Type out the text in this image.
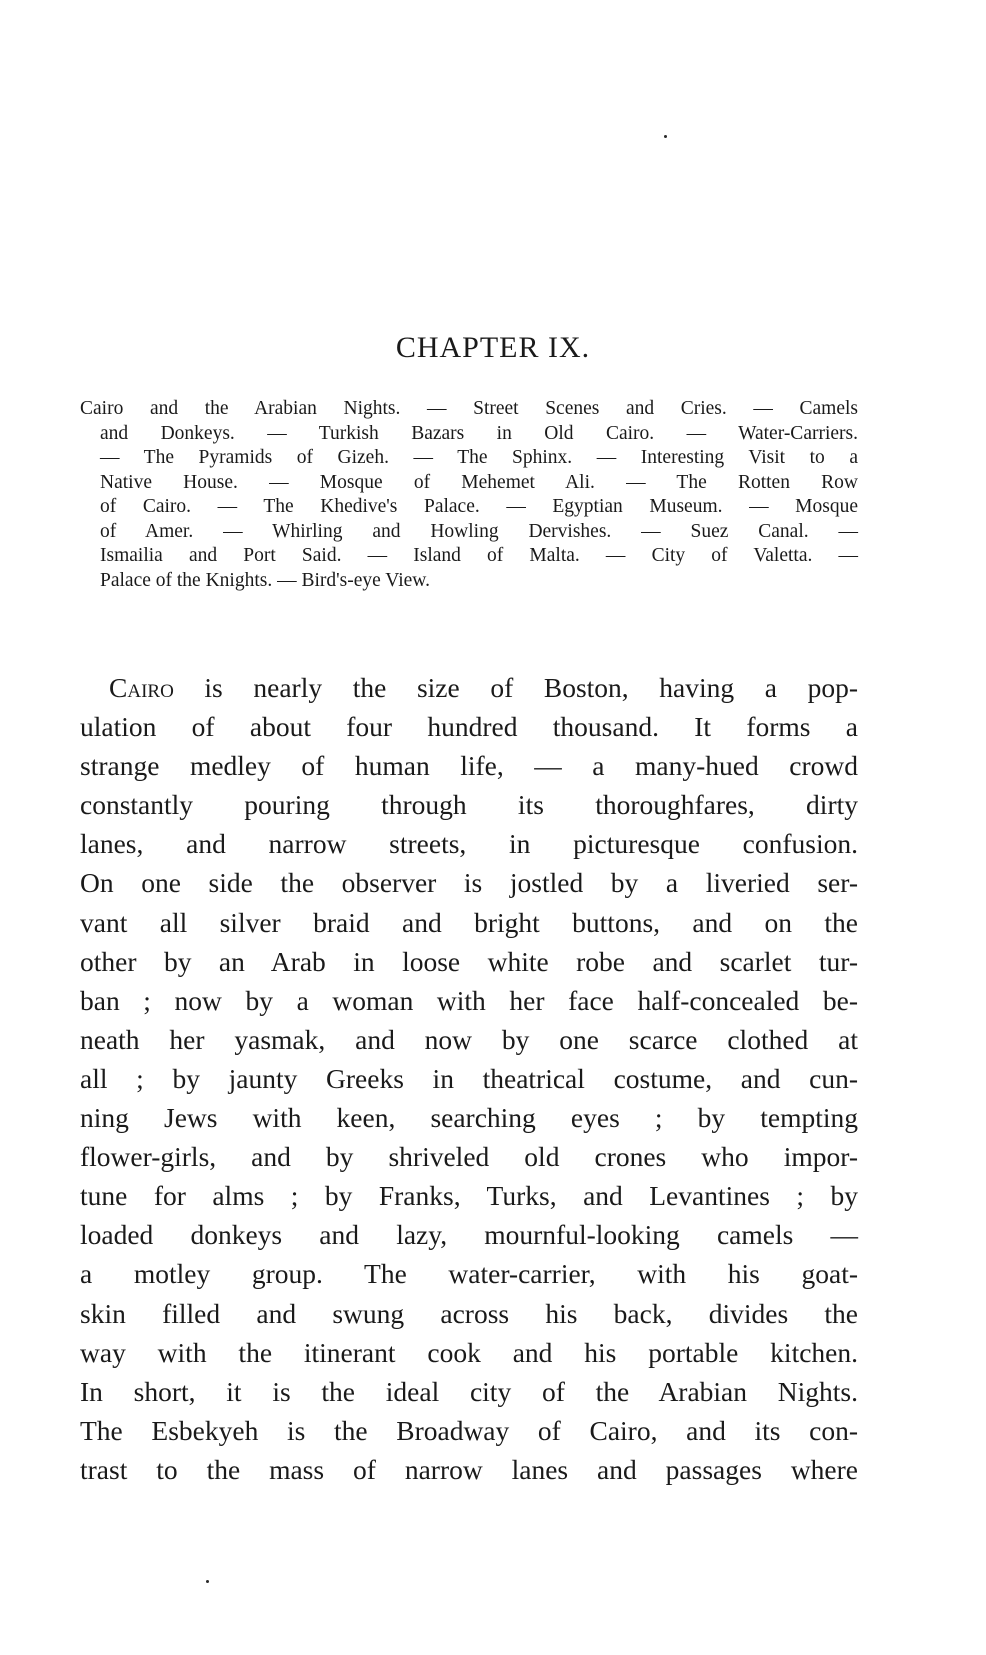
CHAPTER IX.
Cairo and the Arabian Nights. — Street Scenes and Cries. — Camels
and Donkeys. — Turkish Bazars in Old Cairo. — Water-Carriers.
— The Pyramids of Gizeh. — The Sphinx. — Interesting Visit to a
Native House. — Mosque of Mehemet Ali. — The Rotten Row
of Cairo. — The Khedive's Palace. — Egyptian Museum. — Mosque
of Amer. — Whirling and Howling Dervishes. — Suez Canal. —
Ismailia and Port Said. — Island of Malta. — City of Valetta. —
Palace of the Knights. — Bird's-eye View.
Cairo is nearly the size of Boston, having a pop-
ulation of about four hundred thousand. It forms a
strange medley of human life, — a many-hued crowd
constantly pouring through its thoroughfares, dirty
lanes, and narrow streets, in picturesque confusion.
On one side the observer is jostled by a liveried ser-
vant all silver braid and bright buttons, and on the
other by an Arab in loose white robe and scarlet tur-
ban ; now by a woman with her face half-concealed be-
neath her yasmak, and now by one scarce clothed at
all ; by jaunty Greeks in theatrical costume, and cun-
ning Jews with keen, searching eyes ; by tempting
flower-girls, and by shriveled old crones who impor-
tune for alms ; by Franks, Turks, and Levantines ; by
loaded donkeys and lazy, mournful-looking camels —
a motley group. The water-carrier, with his goat-
skin filled and swung across his back, divides the
way with the itinerant cook and his portable kitchen.
In short, it is the ideal city of the Arabian Nights.
The Esbekyeh is the Broadway of Cairo, and its con-
trast to the mass of narrow lanes and passages where
